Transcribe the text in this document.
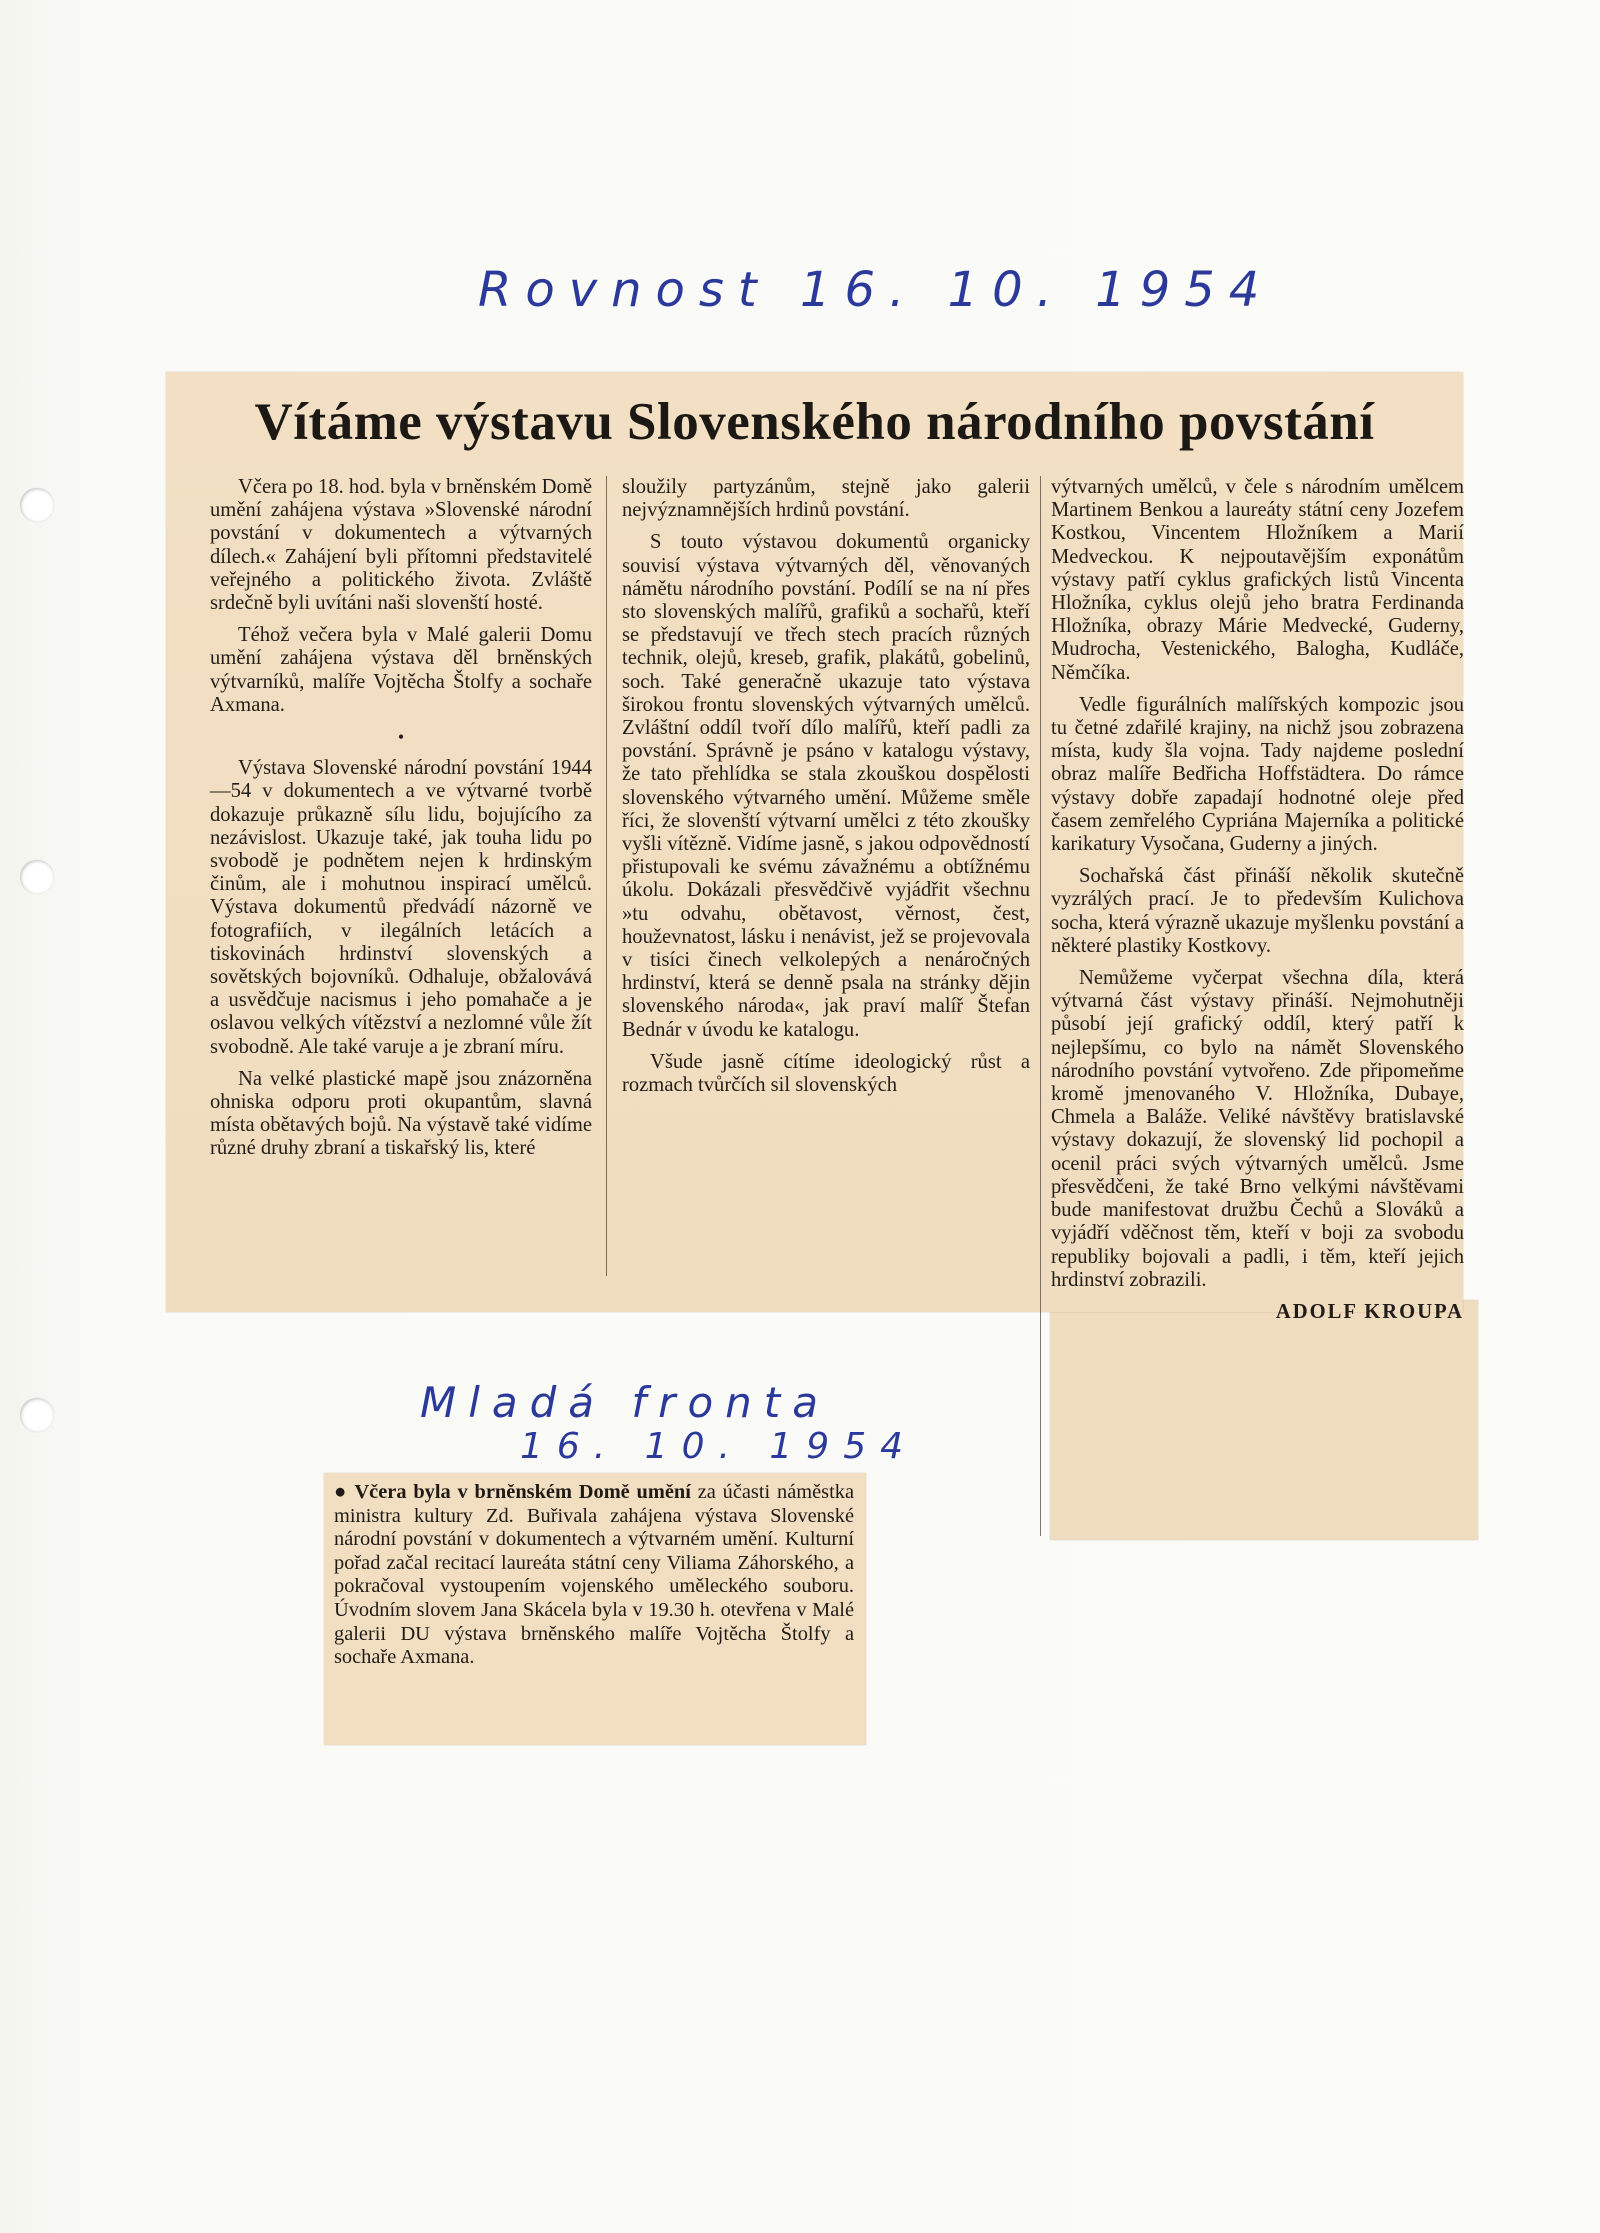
Rovnost 16. 10. 1954
Vítáme výstavu Slovenského národního povstání

Včera po 18. hod. byla v brněnském Domě umění zahájena výstava »Slovenské národní povstání v dokumentech a výtvarných dílech.« Zahájení byli přítomni představitelé veřejného a politického života. Zvláště srdečně byli uvítáni naši slovenští hosté.

Téhož večera byla v Malé galerii Domu umění zahájena výstava děl brněnských výtvarníků, malíře Vojtěcha Štolfy a sochaře Axmana.

•

Výstava Slovenské národní povstání 1944—54 v dokumentech a ve výtvarné tvorbě dokazuje průkazně sílu lidu, bojujícího za nezávislost. Ukazuje také, jak touha lidu po svobodě je podnětem nejen k hrdinským činům, ale i mohutnou inspirací umělců. Výstava dokumentů předvádí názorně ve fotografiích, v ilegálních letácích a tiskovinách hrdinství slovenských a sovětských bojovníků. Odhaluje, obžalovává a usvědčuje nacismus i jeho pomahače a je oslavou velkých vítězství a nezlomné vůle žít svobodně. Ale také varuje a je zbraní míru.

Na velké plastické mapě jsou znázorněna ohniska odporu proti okupantům, slavná místa obětavých bojů. Na výstavě také vidíme různé druhy zbraní a tiskařský lis, které

sloužily partyzánům, stejně jako galerii nejvýznamnějších hrdinů povstání.

S touto výstavou dokumentů organicky souvisí výstava výtvarných děl, věnovaných námětu národního povstání. Podílí se na ní přes sto slovenských malířů, grafiků a sochařů, kteří se představují ve třech stech pracích různých technik, olejů, kreseb, grafik, plakátů, gobelinů, soch. Také generačně ukazuje tato výstava širokou frontu slovenských výtvarných umělců. Zvláštní oddíl tvoří dílo malířů, kteří padli za povstání. Správně je psáno v katalogu výstavy, že tato přehlídka se stala zkouškou dospělosti slovenského výtvarného umění. Můžeme směle říci, že slovenští výtvarní umělci z této zkoušky vyšli vítězně. Vidíme jasně, s jakou odpovědností přistupovali ke svému závažnému a obtížnému úkolu. Dokázali přesvědčivě vyjádřit všechnu »tu odvahu, obětavost, věrnost, čest, houževnatost, lásku i nenávist, jež se projevovala v tisíci činech velkolepých a nenáročných hrdinství, která se denně psala na stránky dějin slovenského národa«, jak praví malíř Štefan Bednár v úvodu ke katalogu.

Všude jasně cítíme ideologický růst a rozmach tvůrčích sil slovenských

výtvarných umělců, v čele s národním umělcem Martinem Benkou a laureáty státní ceny Jozefem Kostkou, Vincentem Hložníkem a Marií Medveckou. K nejpoutavějším exponátům výstavy patří cyklus grafických listů Vincenta Hložníka, cyklus olejů jeho bratra Ferdinanda Hložníka, obrazy Márie Medvecké, Guderny, Mudrocha, Vestenického, Balogha, Kudláče, Němčíka.

Vedle figurálních malířských kompozic jsou tu četné zdařilé krajiny, na nichž jsou zobrazena místa, kudy šla vojna. Tady najdeme poslední obraz malíře Bedřicha Hoffstädtera. Do rámce výstavy dobře zapadají hodnotné oleje před časem zemřelého Cypriána Majerníka a politické karikatury Vysočana, Guderny a jiných.

Sochařská část přináší několik skutečně vyzrálých prací. Je to především Kulichova socha, která výrazně ukazuje myšlenku povstání a některé plastiky Kostkovy.

Nemůžeme vyčerpat všechna díla, která výtvarná část výstavy přináší. Nejmohutněji působí její grafický oddíl, který patří k nejlepšímu, co bylo na námět Slovenského národního povstání vytvořeno. Zde připomeňme kromě jmenovaného V. Hložníka, Dubaye, Chmela a Baláže. Veliké návštěvy bratislavské výstavy dokazují, že slovenský lid pochopil a ocenil práci svých výtvarných umělců. Jsme přesvědčeni, že také Brno velkými návštěvami bude manifestovat družbu Čechů a Slováků a vyjádří vděčnost těm, kteří v boji za svobodu republiky bojovali a padli, i těm, kteří jejich hrdinství zobrazili.

ADOLF KROUPA
Mladá fronta
16. 10. 1954

● Včera byla v brněnském Domě umění za účasti náměstka ministra kultury Zd. Buřivala zahájena výstava Slovenské národní povstání v dokumentech a výtvarném umění. Kulturní pořad začal recitací laureáta státní ceny Viliama Záhorského, a pokračoval vystoupením vojenského uměleckého souboru. Úvodním slovem Jana Skácela byla v 19.30 h. otevřena v Malé galerii DU výstava brněnského malíře Vojtěcha Štolfy a sochaře Axmana.
